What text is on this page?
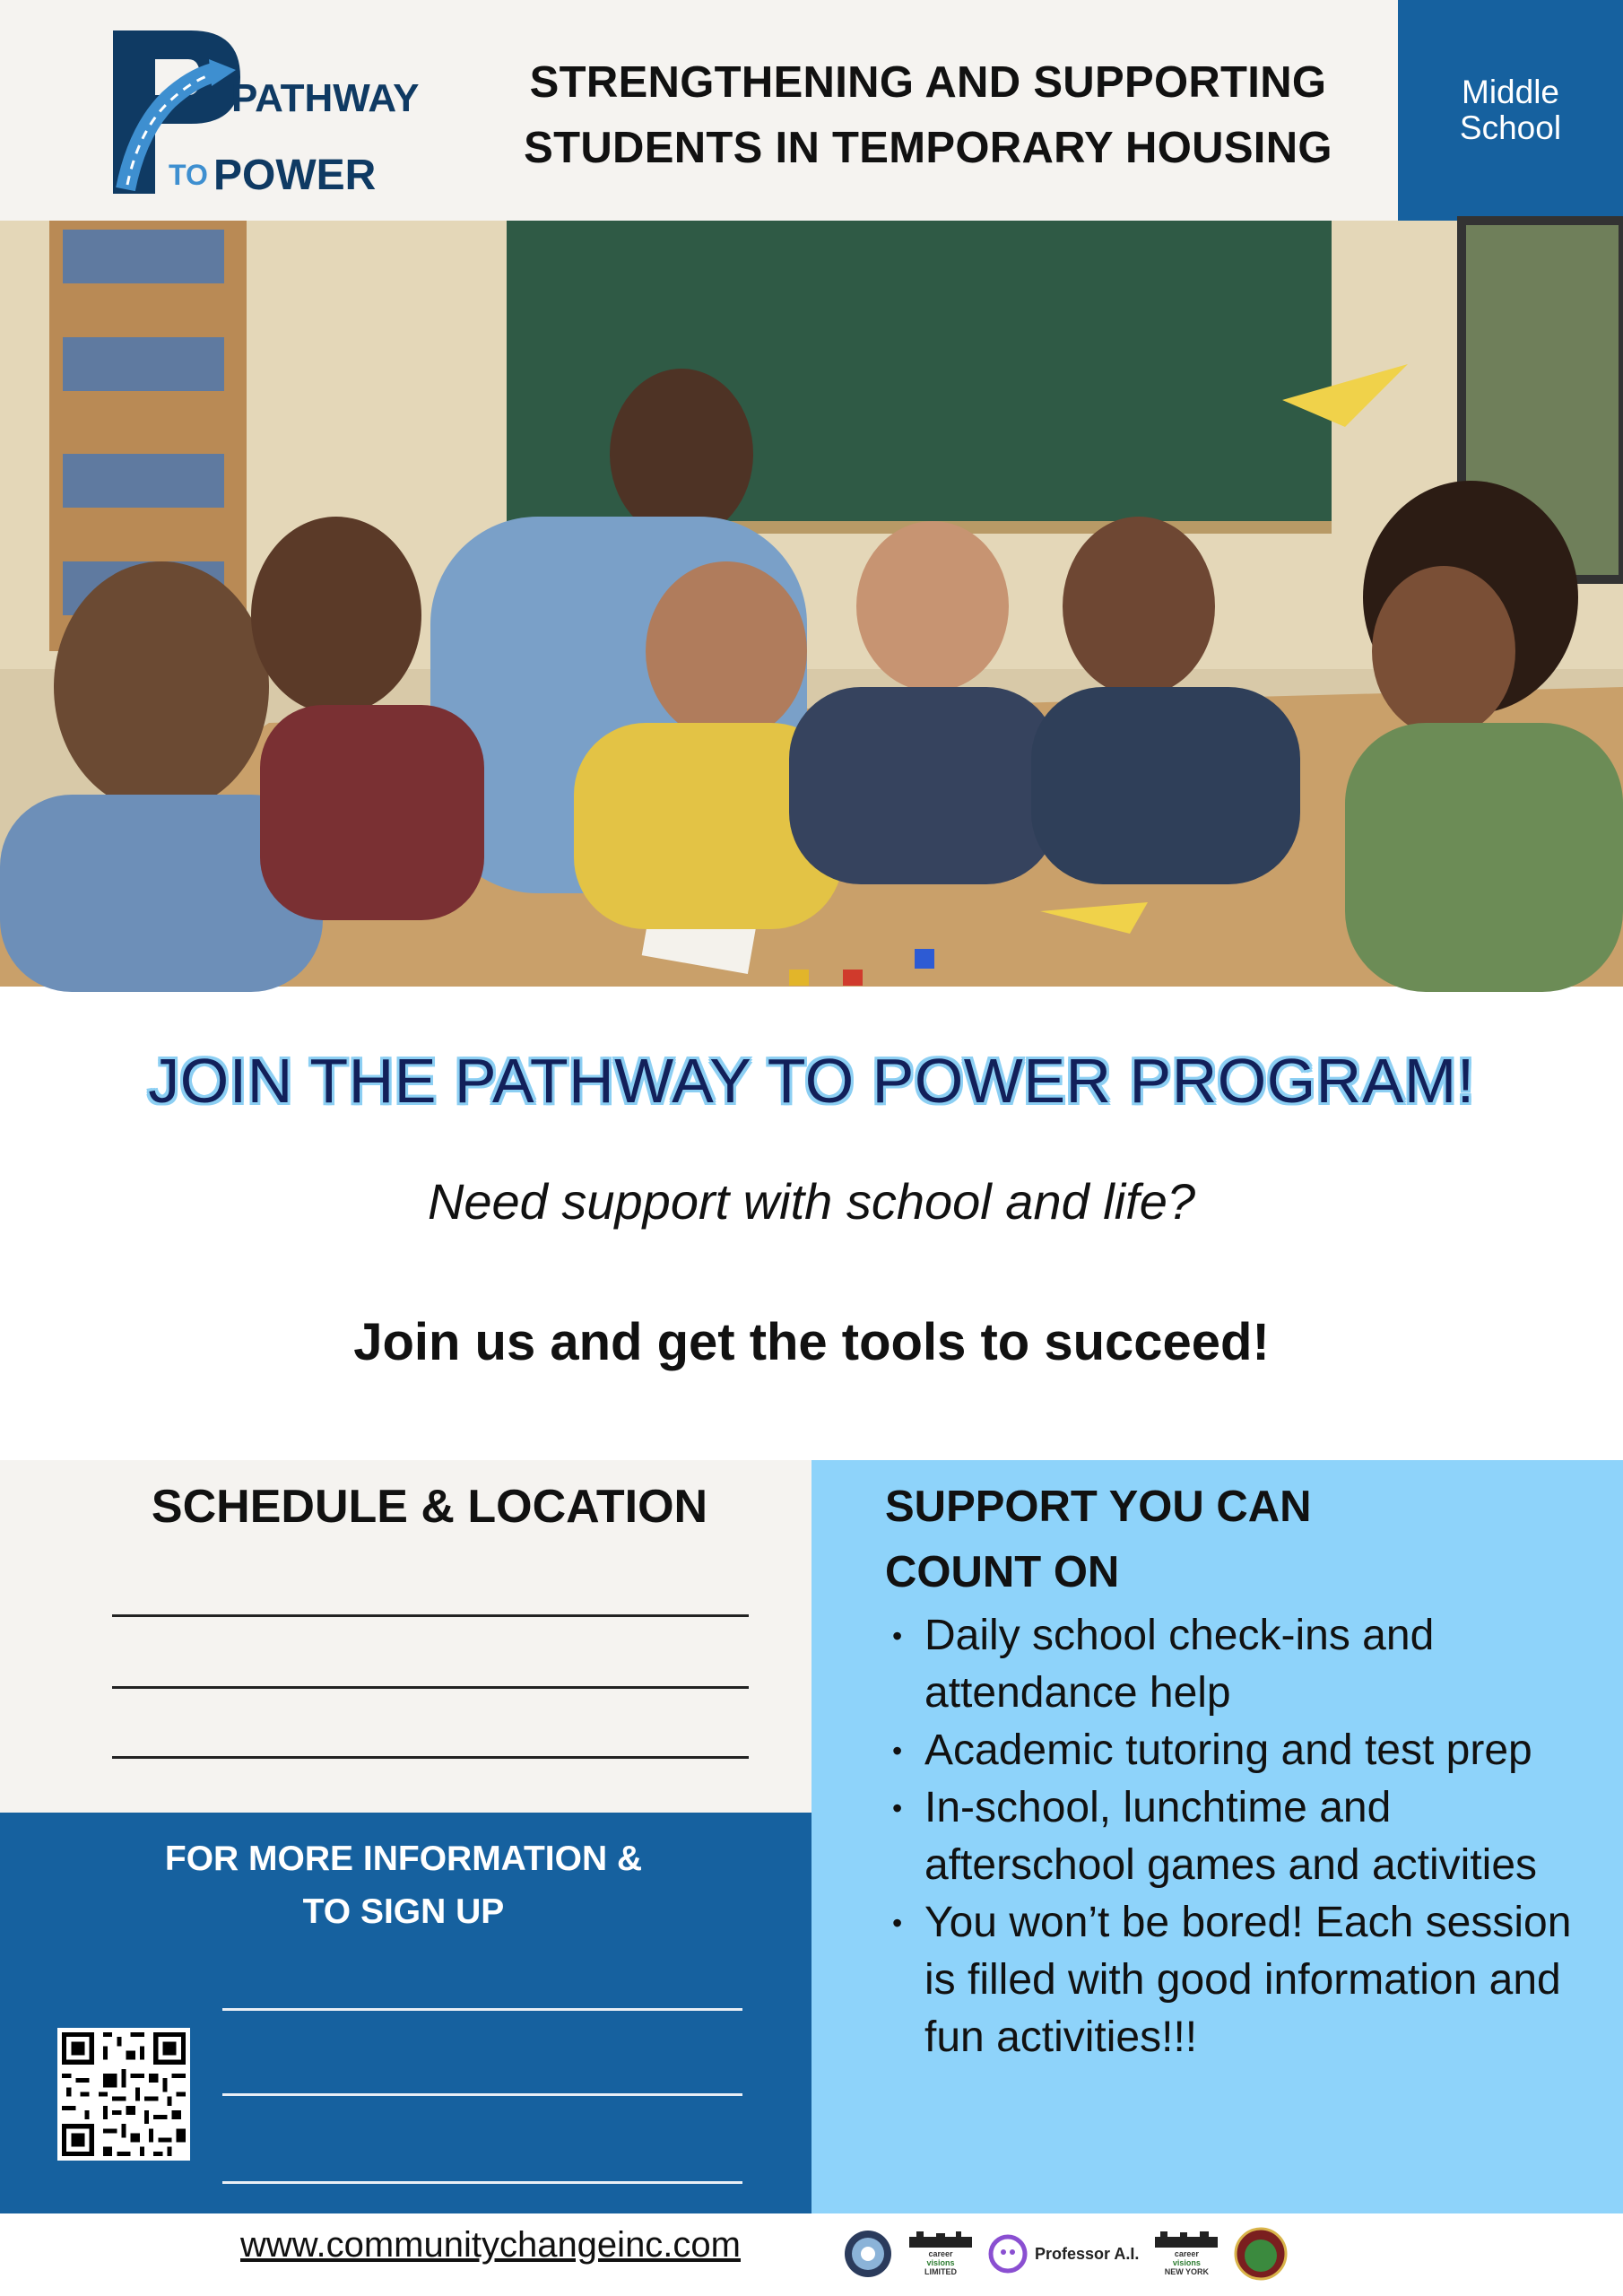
PATHWAY
TO POWER
STRENGTHENING AND SUPPORTING
STUDENTS IN TEMPORARY HOUSING
Middle
School
JOIN THE PATHWAY TO POWER PROGRAM!
Need support with school and life?
Join us and get the tools to succeed!
SCHEDULE & LOCATION
FOR MORE INFORMATION &
TO SIGN UP
SUPPORT YOU CAN
COUNT ON
• Daily school check-ins and attendance help
• Academic tutoring and test prep
• In-school, lunchtime and afterschool games and activities
• You won’t be bored! Each session is filled with good information and fun activities!!!
www.communitychangeinc.com	career
visions
LIMITED
Professor A.I.	career
visions
NEW YORK
